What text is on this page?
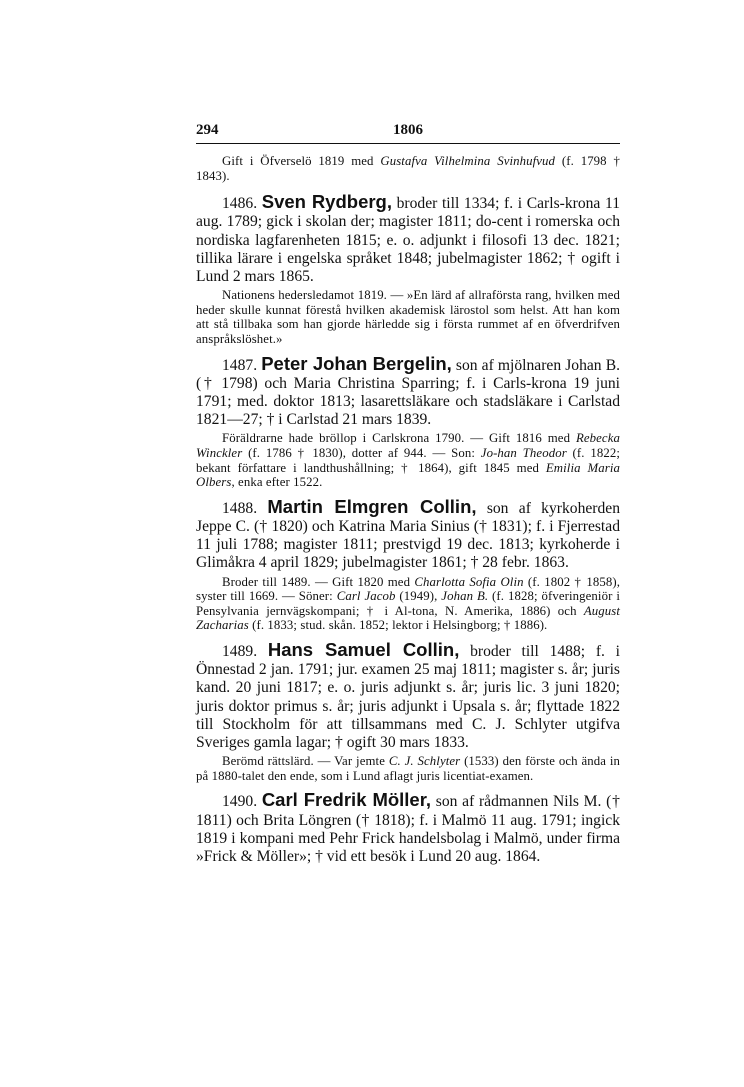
294	1806

Gift i Öfverselö 1819 med Gustafva Vilhelmina Svinhufvud (f. 1798 † 1843).

1486. Sven Rydberg, broder till 1334; f. i Carls-krona 11 aug. 1789; gick i skolan der; magister 1811; do-cent i romerska och nordiska lagfarenheten 1815; e. o. adjunkt i filosofi 13 dec. 1821; tillika lärare i engelska språket 1848; jubelmagister 1862; † ogift i Lund 2 mars 1865.

Nationens hedersledamot 1819. — »En lärd af allraförsta rang, hvilken med heder skulle kunnat förestå hvilken akademisk lärostol som helst. Att han kom att stå tillbaka som han gjorde härledde sig i första rummet af en öfverdrifven anspråkslöshet.»

1487. Peter Johan Bergelin, son af mjölnaren Johan B. († 1798) och Maria Christina Sparring; f. i Carls-krona 19 juni 1791; med. doktor 1813; lasarettsläkare och stadsläkare i Carlstad 1821—27; † i Carlstad 21 mars 1839.

Föräldrarne hade bröllop i Carlskrona 1790. — Gift 1816 med Rebecka Winckler (f. 1786 † 1830), dotter af 944. — Son: Jo-han Theodor (f. 1822; bekant författare i landthushållning; † 1864), gift 1845 med Emilia Maria Olbers, enka efter 1522.

1488. Martin Elmgren Collin, son af kyrkoherden Jeppe C. († 1820) och Katrina Maria Sinius († 1831); f. i Fjerrestad 11 juli 1788; magister 1811; prestvigd 19 dec. 1813; kyrkoherde i Glimåkra 4 april 1829; jubelmagister 1861; † 28 febr. 1863.

Broder till 1489. — Gift 1820 med Charlotta Sofia Olin (f. 1802 † 1858), syster till 1669. — Söner: Carl Jacob (1949), Johan B. (f. 1828; öfveringeniör i Pensylvania jernvägskompani; † i Al-tona, N. Amerika, 1886) och August Zacharias (f. 1833; stud. skån. 1852; lektor i Helsingborg; † 1886).

1489. Hans Samuel Collin, broder till 1488; f. i Önnestad 2 jan. 1791; jur. examen 25 maj 1811; magister s. år; juris kand. 20 juni 1817; e. o. juris adjunkt s. år; juris lic. 3 juni 1820; juris doktor primus s. år; juris adjunkt i Upsala s. år; flyttade 1822 till Stockholm för att tillsammans med C. J. Schlyter utgifva Sveriges gamla lagar; † ogift 30 mars 1833.

Berömd rättslärd. — Var jemte C. J. Schlyter (1533) den förste och ända in på 1880-talet den ende, som i Lund aflagt juris licentiat-examen.

1490. Carl Fredrik Möller, son af rådmannen Nils M. († 1811) och Brita Löngren († 1818); f. i Malmö 11 aug. 1791; ingick 1819 i kompani med Pehr Frick handelsbolag i Malmö, under firma »Frick & Möller»; † vid ett besök i Lund 20 aug. 1864.
